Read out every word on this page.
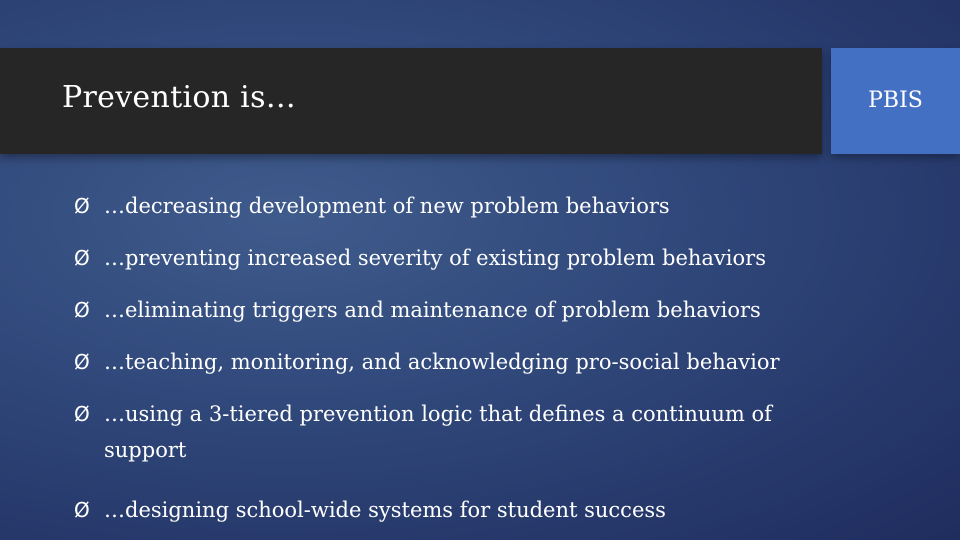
Prevention is…	PBIS
Ø …decreasing development of new problem behaviors
Ø …preventing increased severity of existing problem behaviors
Ø …eliminating triggers and maintenance of problem behaviors
Ø …teaching, monitoring, and acknowledging pro-social behavior
Ø …using a 3-tiered prevention logic that defines a continuum of support
Ø …designing school-wide systems for student success
